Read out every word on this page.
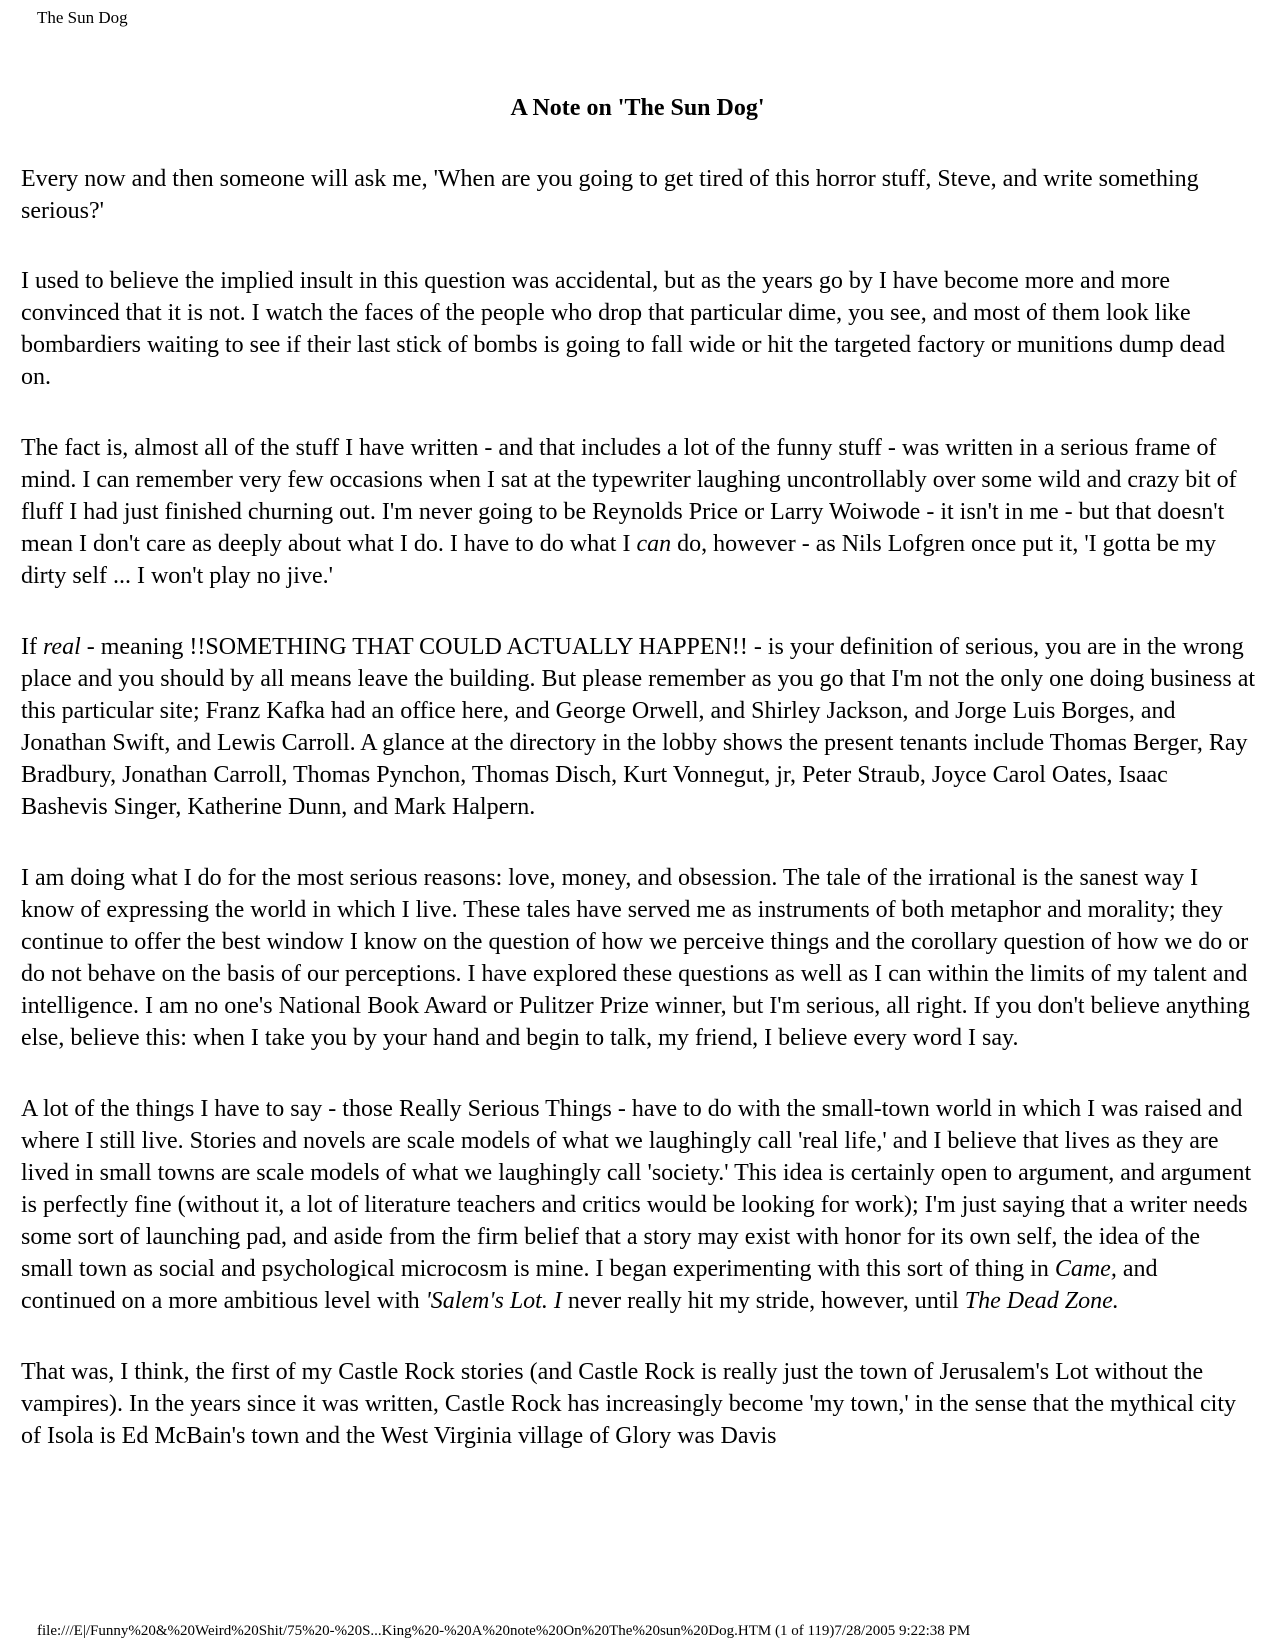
The Sun Dog
A Note on 'The Sun Dog'

Every now and then someone will ask me, 'When are you going to get tired of this horror stuff, Steve, and write something serious?'

I used to believe the implied insult in this question was accidental, but as the years go by I have become more and more convinced that it is not. I watch the faces of the people who drop that particular dime, you see, and most of them look like bombardiers waiting to see if their last stick of bombs is going to fall wide or hit the targeted factory or munitions dump dead on.

The fact is, almost all of the stuff I have written - and that includes a lot of the funny stuff - was written in a serious frame of mind. I can remember very few occasions when I sat at the typewriter laughing uncontrollably over some wild and crazy bit of fluff I had just finished churning out. I'm never going to be Reynolds Price or Larry Woiwode - it isn't in me - but that doesn't mean I don't care as deeply about what I do. I have to do what I can do, however - as Nils Lofgren once put it, 'I gotta be my dirty self ... I won't play no jive.'

If real - meaning !!SOMETHING THAT COULD ACTUALLY HAPPEN!! - is your definition of serious, you are in the wrong place and you should by all means leave the building. But please remember as you go that I'm not the only one doing business at this particular site; Franz Kafka had an office here, and George Orwell, and Shirley Jackson, and Jorge Luis Borges, and Jonathan Swift, and Lewis Carroll. A glance at the directory in the lobby shows the present tenants include Thomas Berger, Ray Bradbury, Jonathan Carroll, Thomas Pynchon, Thomas Disch, Kurt Vonnegut, jr, Peter Straub, Joyce Carol Oates, Isaac Bashevis Singer, Katherine Dunn, and Mark Halpern.

I am doing what I do for the most serious reasons: love, money, and obsession. The tale of the irrational is the sanest way I know of expressing the world in which I live. These tales have served me as instruments of both metaphor and morality; they continue to offer the best window I know on the question of how we perceive things and the corollary question of how we do or do not behave on the basis of our perceptions. I have explored these questions as well as I can within the limits of my talent and intelligence. I am no one's National Book Award or Pulitzer Prize winner, but I'm serious, all right. If you don't believe anything else, believe this: when I take you by your hand and begin to talk, my friend, I believe every word I say.

A lot of the things I have to say - those Really Serious Things - have to do with the small-town world in which I was raised and where I still live. Stories and novels are scale models of what we laughingly call 'real life,' and I believe that lives as they are lived in small towns are scale models of what we laughingly call 'society.' This idea is certainly open to argument, and argument is perfectly fine (without it, a lot of literature teachers and critics would be looking for work); I'm just saying that a writer needs some sort of launching pad, and aside from the firm belief that a story may exist with honor for its own self, the idea of the small town as social and psychological microcosm is mine. I began experimenting with this sort of thing in Came, and continued on a more ambitious level with 'Salem's Lot. I never really hit my stride, however, until The Dead Zone.

That was, I think, the first of my Castle Rock stories (and Castle Rock is really just the town of Jerusalem's Lot without the vampires). In the years since it was written, Castle Rock has increasingly become 'my town,' in the sense that the mythical city of Isola is Ed McBain's town and the West Virginia village of Glory was Davis

file:///E|/Funny%20&%20Weird%20Shit/75%20-%20S...King%20-%20A%20note%20On%20The%20sun%20Dog.HTM (1 of 119)7/28/2005 9:22:38 PM
